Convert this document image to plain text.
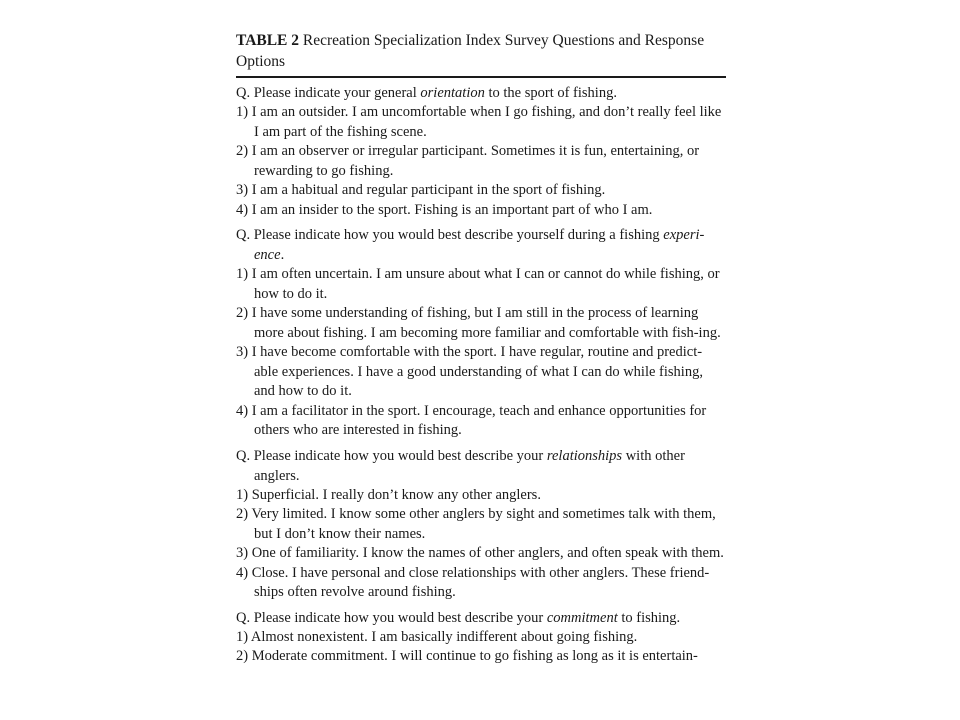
TABLE 2 Recreation Specialization Index Survey Questions and Response Options

Q. Please indicate your general orientation to the sport of fishing.
1) I am an outsider. I am uncomfortable when I go fishing, and don’t really feel like I am part of the fishing scene.
2) I am an observer or irregular participant. Sometimes it is fun, entertaining, or rewarding to go fishing.
3) I am a habitual and regular participant in the sport of fishing.
4) I am an insider to the sport. Fishing is an important part of who I am.
Q. Please indicate how you would best describe yourself during a fishing experi-ence.
1) I am often uncertain. I am unsure about what I can or cannot do while fishing, or how to do it.
2) I have some understanding of fishing, but I am still in the process of learning more about fishing. I am becoming more familiar and comfortable with fish-ing.
3) I have become comfortable with the sport. I have regular, routine and predict-able experiences. I have a good understanding of what I can do while fishing, and how to do it.
4) I am a facilitator in the sport. I encourage, teach and enhance opportunities for others who are interested in fishing.
Q. Please indicate how you would best describe your relationships with other anglers.
1) Superficial. I really don’t know any other anglers.
2) Very limited. I know some other anglers by sight and sometimes talk with them, but I don’t know their names.
3) One of familiarity. I know the names of other anglers, and often speak with them.
4) Close. I have personal and close relationships with other anglers. These friend-ships often revolve around fishing.
Q. Please indicate how you would best describe your commitment to fishing.
1) Almost nonexistent. I am basically indifferent about going fishing.
2) Moderate commitment. I will continue to go fishing as long as it is entertain-
